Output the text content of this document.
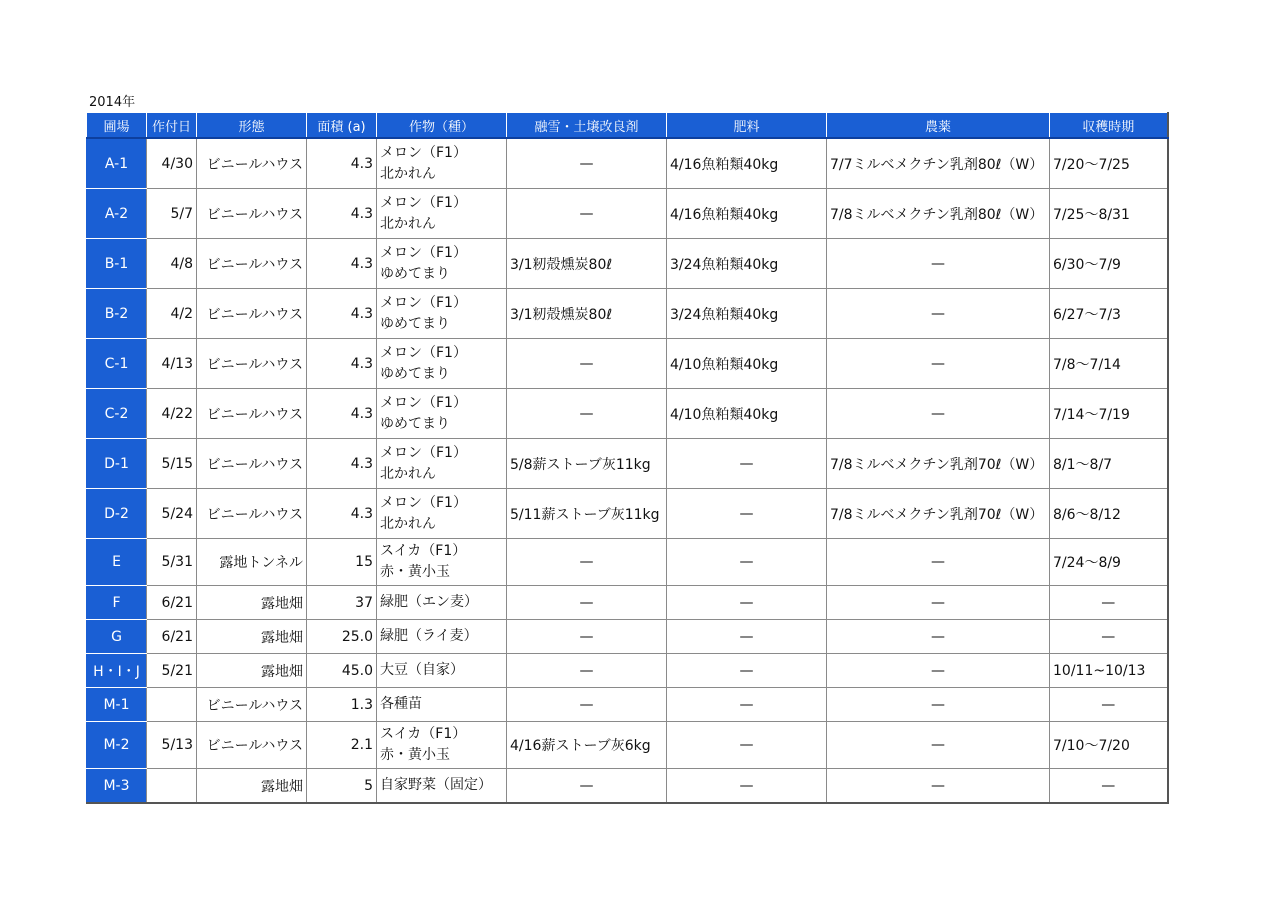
2014年
圃場	作付日	形態	面積 (a)	作物（種）	融雪・土壌改良剤	肥料	農薬	収穫時期
A-1	4/30	ビニールハウス	4.3	メロン（F1）
北かれん	—	4/16魚粕類40kg	7/7ミルベメクチン乳剤80ℓ（W）	7/20〜7/25
A-2	5/7	ビニールハウス	4.3	メロン（F1）
北かれん	—	4/16魚粕類40kg	7/8ミルベメクチン乳剤80ℓ（W）	7/25〜8/31
B-1	4/8	ビニールハウス	4.3	メロン（F1）
ゆめてまり	3/1籾殻燻炭80ℓ	3/24魚粕類40kg	—	6/30〜7/9
B-2	4/2	ビニールハウス	4.3	メロン（F1）
ゆめてまり	3/1籾殻燻炭80ℓ	3/24魚粕類40kg	—	6/27〜7/3
C-1	4/13	ビニールハウス	4.3	メロン（F1）
ゆめてまり	—	4/10魚粕類40kg	—	7/8〜7/14
C-2	4/22	ビニールハウス	4.3	メロン（F1）
ゆめてまり	—	4/10魚粕類40kg	—	7/14〜7/19
D-1	5/15	ビニールハウス	4.3	メロン（F1）
北かれん	5/8薪ストーブ灰11kg	—	7/8ミルベメクチン乳剤70ℓ（W）	8/1〜8/7
D-2	5/24	ビニールハウス	4.3	メロン（F1）
北かれん	5/11薪ストーブ灰11kg	—	7/8ミルベメクチン乳剤70ℓ（W）	8/6〜8/12
E	5/31	露地トンネル	15	スイカ（F1）
赤・黄小玉	—	—	—	7/24〜8/9
F	6/21	露地畑	37	緑肥（エン麦）	—	—	—	—
G	6/21	露地畑	25.0	緑肥（ライ麦）	—	—	—	—
H・I・J	5/21	露地畑	45.0	大豆（自家）	—	—	—	10/11~10/13
M-1		ビニールハウス	1.3	各種苗	—	—	—	—
M-2	5/13	ビニールハウス	2.1	スイカ（F1）
赤・黄小玉	4/16薪ストーブ灰6kg	—	—	7/10〜7/20
M-3		露地畑	5	自家野菜（固定）	—	—	—	—
